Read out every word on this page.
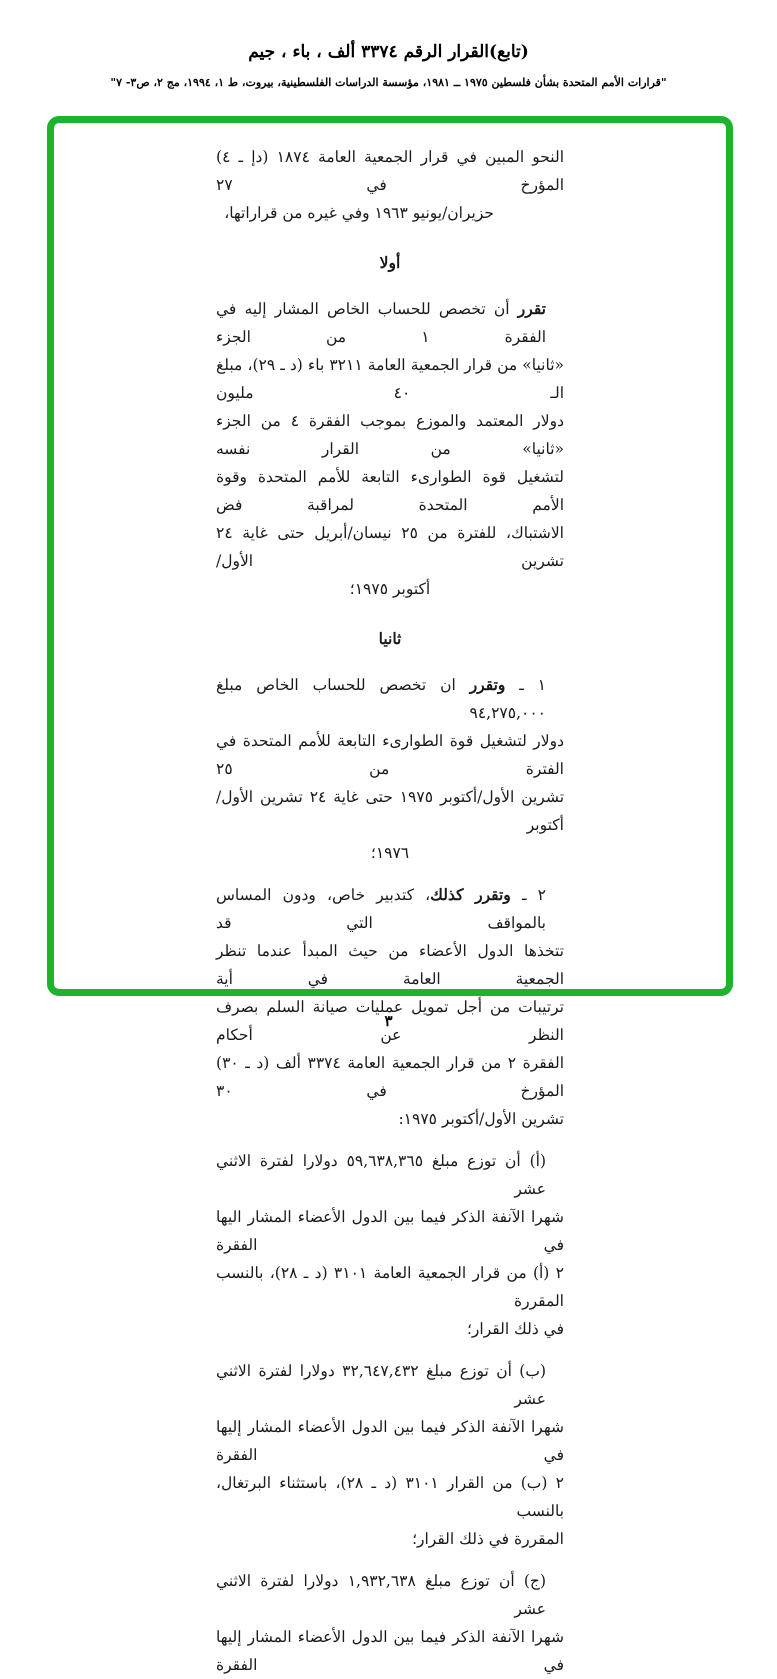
(تابع)القرار الرقم ٣٣٧٤ ألف ، باء ، جيم
"قرارات الأمم المتحدة بشأن فلسطين ١٩٧٥ ــ ١٩٨١، مؤسسة الدراسات الفلسطينية، بيروت، ط ١، ١٩٩٤، مج ٢، ص٣- ٧"
النحو المبين في قرار الجمعية العامة ١٨٧٤ (دإ ـ ٤) المؤرخ في ٢٧
حزيران/يونيو ١٩٦٣ وفي غيره من قراراتها،
أولا
تقرر أن تخصص للحساب الخاص المشار إليه في الفقرة ١ من الجزء
«ثانيا» من قرار الجمعية العامة ٣٢١١ باء (د ـ ٢٩)، مبلغ الـ ٤٠ مليون
دولار المعتمد والموزع بموجب الفقرة ٤ من الجزء «ثانيا» من القرار نفسه
لتشغيل قوة الطوارىء التابعة للأمم المتحدة وقوة الأمم المتحدة لمراقبة فض
الاشتباك، للفترة من ٢٥ نيسان/أبريل حتى غاية ٢٤ تشرين الأول/
أكتوبر ١٩٧٥؛
ثانيا
١ ـ وتقرر ان تخصص للحساب الخاص مبلغ ٩٤,٢٧٥,٠٠٠
دولار لتشغيل قوة الطوارىء التابعة للأمم المتحدة في الفترة من ٢٥
تشرين الأول/أكتوبر ١٩٧٥ حتى غاية ٢٤ تشرين الأول/أكتوبر
١٩٧٦؛
٢ ـ وتقرر كذلك، كتدبير خاص، ودون المساس بالمواقف التي قد
تتخذها الدول الأعضاء من حيث المبدأ عندما تنظر الجمعية العامة في أية
ترتيبات من أجل تمويل عمليات صيانة السلم بصرف النظر عن أحكام
الفقرة ٢ من قرار الجمعية العامة ٣٣٧٤ ألف (د ـ ٣٠) المؤرخ في ٣٠
تشرين الأول/أكتوبر ١٩٧٥:
(أ) أن توزع مبلغ ٥٩,٦٣٨,٣٦٥ دولارا لفترة الاثني عشر
شهرا الآنفة الذكر فيما بين الدول الأعضاء المشار اليها في الفقرة
٢ (أ) من قرار الجمعية العامة ٣١٠١ (د ـ ٢٨)، بالنسب المقررة
في ذلك القرار؛
(ب) أن توزع مبلغ ٣٢,٦٤٧,٤٣٢ دولارا لفترة الاثني عشر
شهرا الآنفة الذكر فيما بين الدول الأعضاء المشار إليها في الفقرة
٢ (ب) من القرار ٣١٠١ (د ـ ٢٨)، باستثناء البرتغال، بالنسب
المقررة في ذلك القرار؛
(ج) أن توزع مبلغ ١,٩٣٢,٦٣٨ دولارا لفترة الاثني عشر
شهرا الآنفة الذكر فيما بين الدول الأعضاء المشار إليها في الفقرة
٣
